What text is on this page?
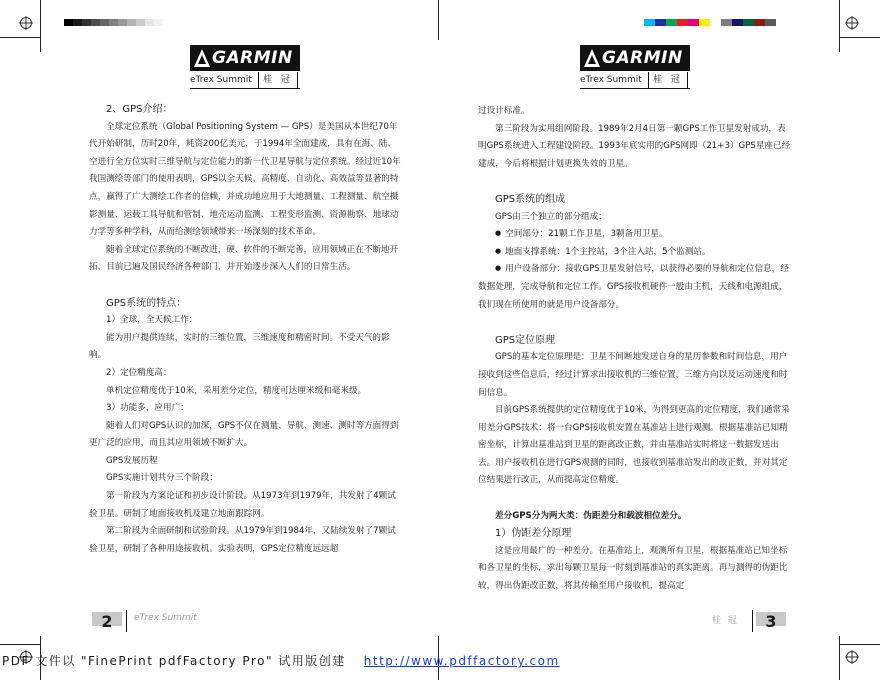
GARMIN
eTrex Summit	桂 冠
GARMIN
eTrex Summit	桂 冠

2、GPS介绍：

全球定位系统（Global Positioning System — GPS）是美国从本世纪70年代开始研制，历时20年，耗资200亿美元，于1994年全面建成，具有在海、陆、空进行全方位实时三维导航与定位能力的新一代卫星导航与定位系统。经过近10年我国测绘等部门的使用表明，GPS以全天候、高精度、自动化、高效益等显著的特点，赢得了广大测绘工作者的信赖，并成功地应用于大地测量、工程测量、航空摄影测量、运载工具导航和管制、地壳运动监测、工程变形监测、资源勘察、地球动力学等多种学科，从而给测绘领域带来一场深刻的技术革命。

随着全球定位系统的不断改进，硬、软件的不断完善，应用领域正在不断地开拓，目前已遍及国民经济各种部门，并开始逐步深入人们的日常生活。

GPS系统的特点：

1）全球，全天候工作：

能为用户提供连续，实时的三维位置，三维速度和精密时间。不受天气的影响。

2）定位精度高：

单机定位精度优于10米，采用差分定位，精度可达厘米级和毫米级。

3）功能多，应用广：

随着人们对GPS认识的加深，GPS不仅在测量、导航、测速、测时等方面得到更广泛的应用，而且其应用领域不断扩大。

GPS发展历程

GPS实施计划共分三个阶段：

第一阶段为方案论证和初步设计阶段。从1973年到1979年，共发射了4颗试验卫星。研制了地面接收机及建立地面跟踪网。

第二阶段为全面研制和试验阶段。从1979年到1984年，又陆续发射了7颗试验卫星，研制了各种用途接收机。实验表明，GPS定位精度远远超

过设计标准。

第三阶段为实用组网阶段。1989年2月4日第一颗GPS工作卫星发射成功，表明GPS系统进入工程建设阶段。1993年底实用的GPS网即（21+3）GPS星座已经建成，今后将根据计划更换失效的卫星。

GPS系统的组成

GPS由三个独立的部分组成：

● 空间部分：21颗工作卫星，3颗备用卫星。

● 地面支撑系统：1个主控站，3个注入站，5个监测站。

● 用户设备部分：接收GPS卫星发射信号，以获得必要的导航和定位信息，经数据处理，完成导航和定位工作。GPS接收机硬件一般由主机，天线和电源组成，我们现在所使用的就是用户设备部分。

GPS定位原理

GPS的基本定位原理是：卫星不间断地发送自身的星历参数和时间信息，用户接收到这些信息后，经过计算求出接收机的三维位置，三维方向以及运动速度和时间信息。

目前GPS系统提供的定位精度优于10米，为得到更高的定位精度，我们通常采用差分GPS技术：将一台GPS接收机安置在基准站上进行观测。根据基准站已知精密坐标，计算出基准站到卫星的距离改正数，并由基准站实时将这一数据发送出去。用户接收机在进行GPS观测的同时，也接收到基准站发出的改正数，并对其定位结果进行改正，从而提高定位精度。

差分GPS分为两大类：伪距差分和载波相位差分。

1）伪距差分原理

这是应用最广的一种差分。在基准站上，观测所有卫星，根据基准站已知坐标和各卫星的坐标，求出每颗卫星每一时刻到基准站的真实距离。再与测得的伪距比较，得出伪距改正数，将其传输至用户接收机，提高定

2	eTrex Summit	桂 冠	3
PDF 文件以 "FinePrint pdfFactory Pro" 试用版创建 http://www.pdffactory.com
